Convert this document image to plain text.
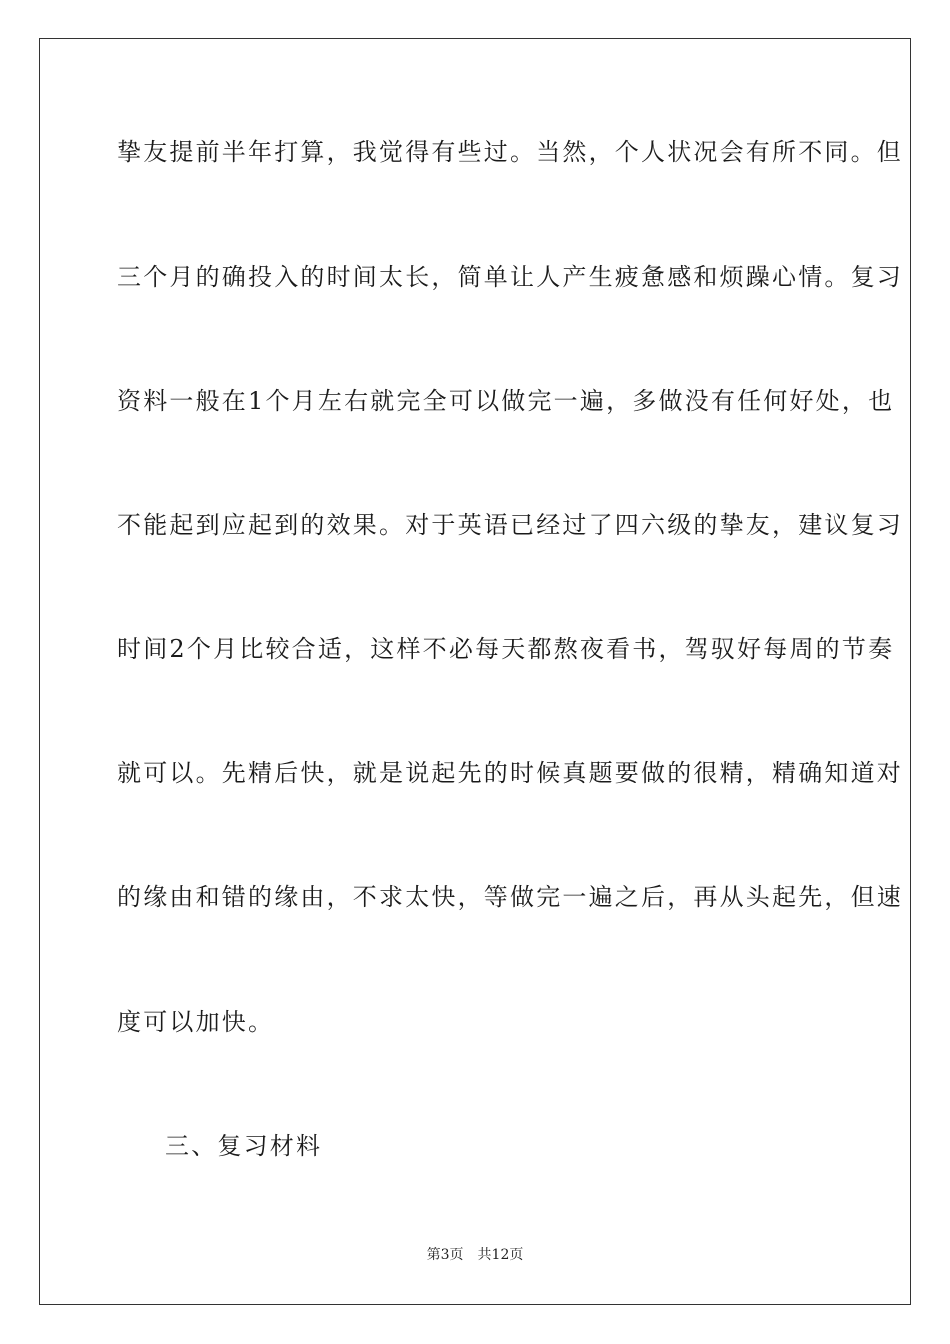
挚友提前半年打算，我觉得有些过。当然，个人状况会有所不同。但
三个月的确投入的时间太长，简单让人产生疲惫感和烦躁心情。复习
资料一般在1个月左右就完全可以做完一遍，多做没有任何好处，也
不能起到应起到的效果。对于英语已经过了四六级的挚友，建议复习
时间2个月比较合适，这样不必每天都熬夜看书，驾驭好每周的节奏
就可以。先精后快，就是说起先的时候真题要做的很精，精确知道对
的缘由和错的缘由，不求太快，等做完一遍之后，再从头起先，但速
度可以加快。
三、复习材料
第3页 共12页
